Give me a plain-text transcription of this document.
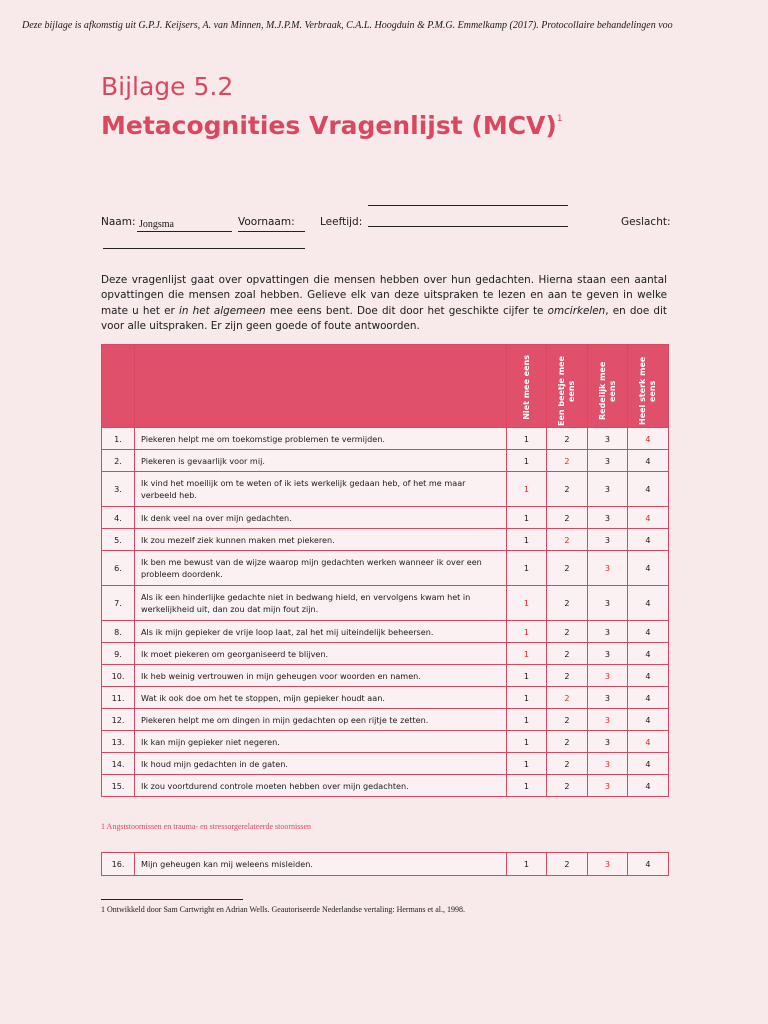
Deze bijlage is afkomstig uit G.P.J. Keijsers, A. van Minnen, M.J.P.M. Verbraak, C.A.L. Hoogduin & P.M.G. Emmelkamp (2017). Protocollaire behandelingen voo
Bijlage 5.2
Metacognities Vragenlijst (MCV)$^1$
Naam: Jongsma	Voornaam: Leeftijd:	Geslacht:
Deze vragenlijst gaat over opvattingen die mensen hebben over hun gedachten. Hierna staan een aantal opvattingen die mensen zoal hebben. Gelieve elk van deze uitspraken te lezen en aan te geven in welke mate u het er in het algemeen mee eens bent. Doe dit door het geschikte cijfer te omcirkelen, en doe dit voor alle uitspraken. Er zijn geen goede of foute antwoorden.

		Niet mee eens	Een beetje mee eens	Redelijk mee eens	Heel sterk mee eens

1.	Piekeren helpt me om toekomstige problemen te vermijden.	1	2	3	4
2.	Piekeren is gevaarlijk voor mij.	1	2	3	4
3.	Ik vind het moeilijk om te weten of ik iets werkelijk gedaan heb, of het me maar verbeeld heb.	1	2	3	4
4.	Ik denk veel na over mijn gedachten.	1	2	3	4
5.	Ik zou mezelf ziek kunnen maken met piekeren.	1	2	3	4
6.	Ik ben me bewust van de wijze waarop mijn gedachten werken wanneer ik over een probleem doordenk.	1	2	3	4
7.	Als ik een hinderlijke gedachte niet in bedwang hield, en vervolgens kwam het in werkelijkheid uit, dan zou dat mijn fout zijn.	1	2	3	4
8.	Als ik mijn gepieker de vrije loop laat, zal het mij uiteindelijk beheersen.	1	2	3	4
9.	Ik moet piekeren om georganiseerd te blijven.	1	2	3	4
10.	Ik heb weinig vertrouwen in mijn geheugen voor woorden en namen.	1	2	3	4
11.	Wat ik ook doe om het te stoppen, mijn gepieker houdt aan.	1	2	3	4
12.	Piekeren helpt me om dingen in mijn gedachten op een rijtje te zetten.	1	2	3	4
13.	Ik kan mijn gepieker niet negeren.	1	2	3	4
14.	Ik houd mijn gedachten in de gaten.	1	2	3	4
15.	Ik zou voortdurend controle moeten hebben over mijn gedachten.	1	2	3	4
1 Angststoornissen en trauma- en stressorgerelateerde stoornissen
16.	Mijn geheugen kan mij weleens misleiden.	1	2	3	4
1 Ontwikkeld door Sam Cartwright en Adrian Wells. Geautoriseerde Nederlandse vertaling: Hermans et al., 1998.
